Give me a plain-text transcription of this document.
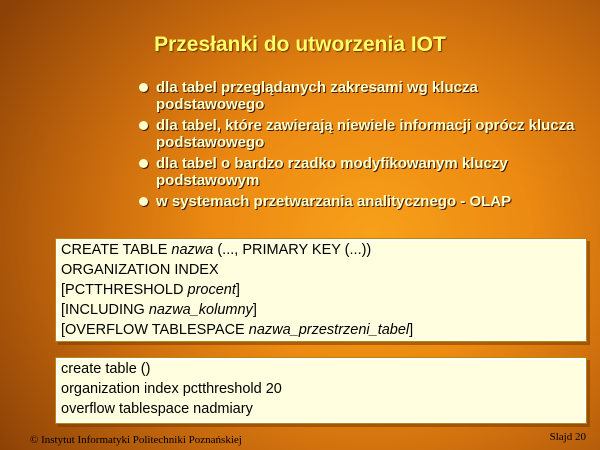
Przesłanki do utworzenia IOT
dla tabel przeglądanych zakresami wg klucza podstawowego
dla tabel, które zawierają niewiele informacji oprócz klucza podstawowego
dla tabel o bardzo rzadko modyfikowanym kluczy podstawowym
w systemach przetwarzania analitycznego - OLAP
CREATE TABLE nazwa (..., PRIMARY KEY (...))
ORGANIZATION INDEX
[PCTTHRESHOLD procent]
[INCLUDING nazwa_kolumny]
[OVERFLOW TABLESPACE nazwa_przestrzeni_tabel]
create table ()
organization index pctthreshold 20
overflow tablespace nadmiary
© Instytut Informatyki Politechniki Poznańskiej	Slajd 20
